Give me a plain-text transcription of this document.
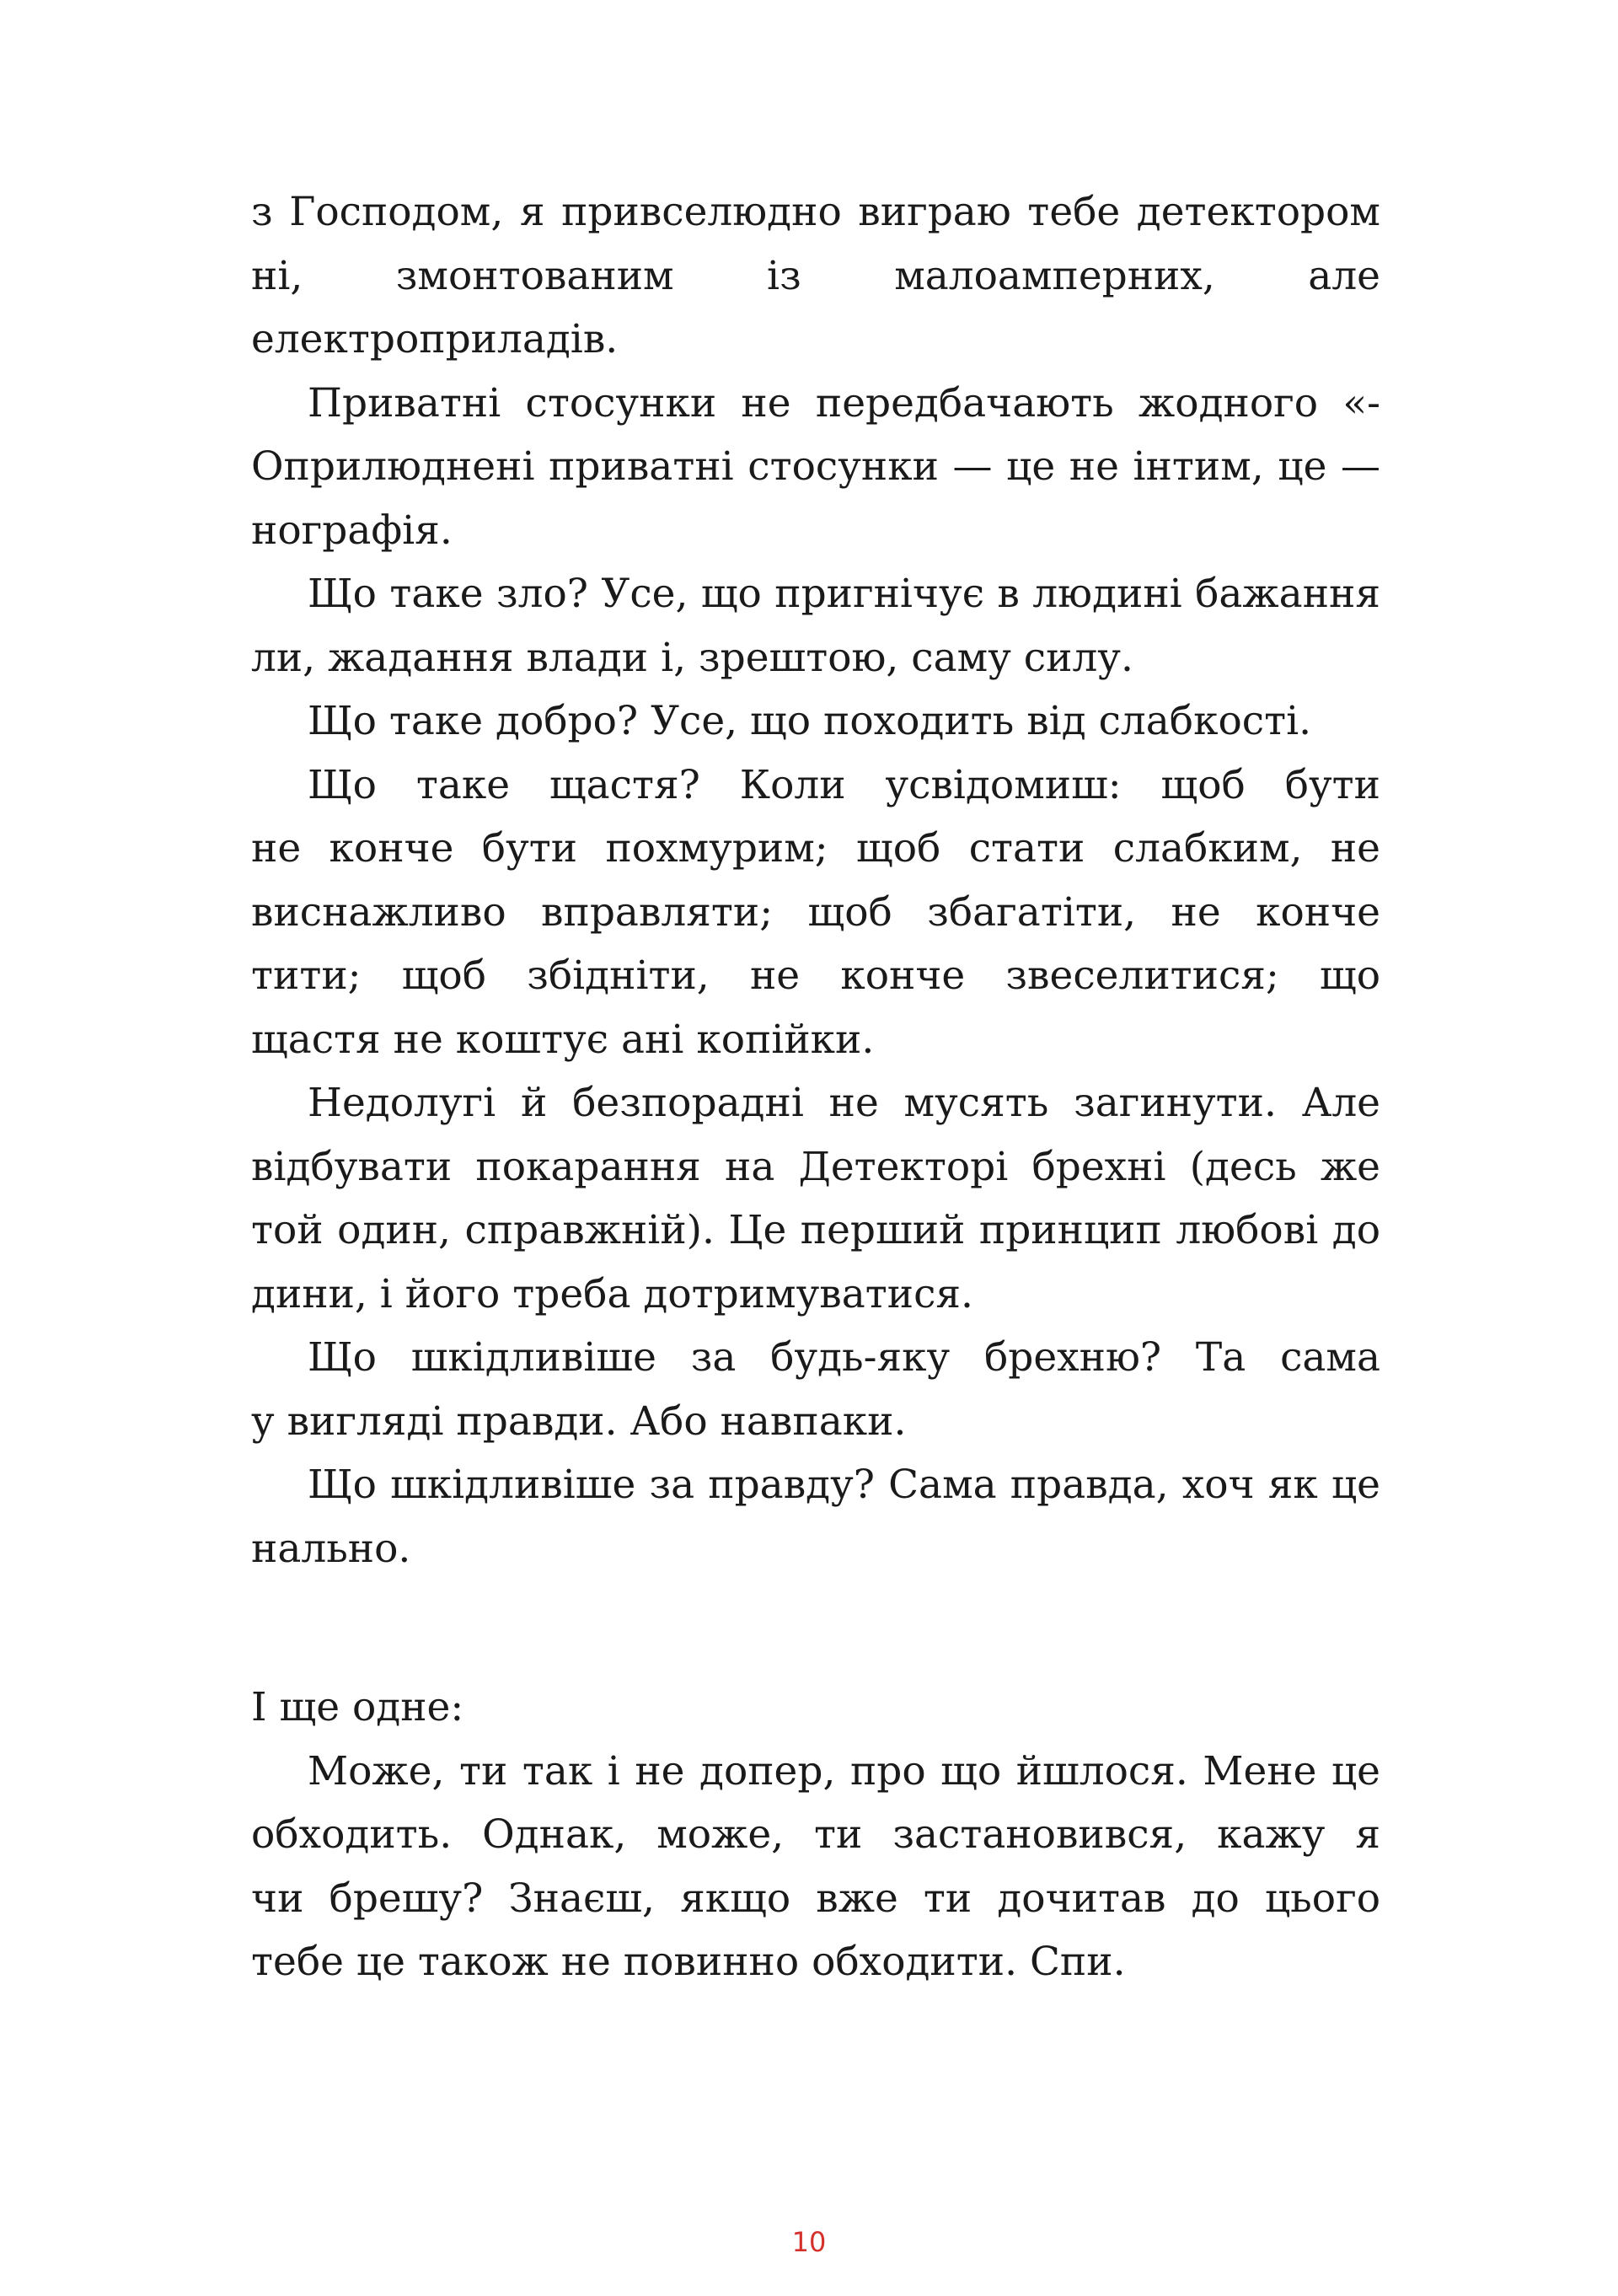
з Господом, я привселюдно виграю тебе детектором
ні, змонтованим із малоамперних, але
електроприладів.
Приватні стосунки не передбачають жодного «-
Оприлюднені приватні стосунки — це не інтим, це —
нографія.
Що таке зло? Усе, що пригнічує в людині бажання
ли, жадання влади і, зрештою, саму силу.
Що таке добро? Усе, що походить від слабкості.
Що таке щастя? Коли усвідомиш: щоб бути
не конче бути похмурим; щоб стати слабким, не
виснажливо вправляти; щоб збагатіти, не конче
тити; щоб збідніти, не конче звеселитися; що
щастя не коштує ані копійки.
Недолугі й безпорадні не мусять загинути. Але
відбувати покарання на Детекторі брехні (десь же
той один, справжній). Це перший принцип любові до
дини, і його треба дотримуватися.
Що шкідливіше за будь-яку брехню? Та сама
у вигляді правди. Або навпаки.
Що шкідливіше за правду? Сама правда, хоч як це
нально.
І ще одне:
Може, ти так і не допер, про що йшлося. Мене це
обходить. Однак, може, ти застановився, кажу я
чи брешу? Знаєш, якщо вже ти дочитав до цього
тебе це також не повинно обходити. Спи.
10
